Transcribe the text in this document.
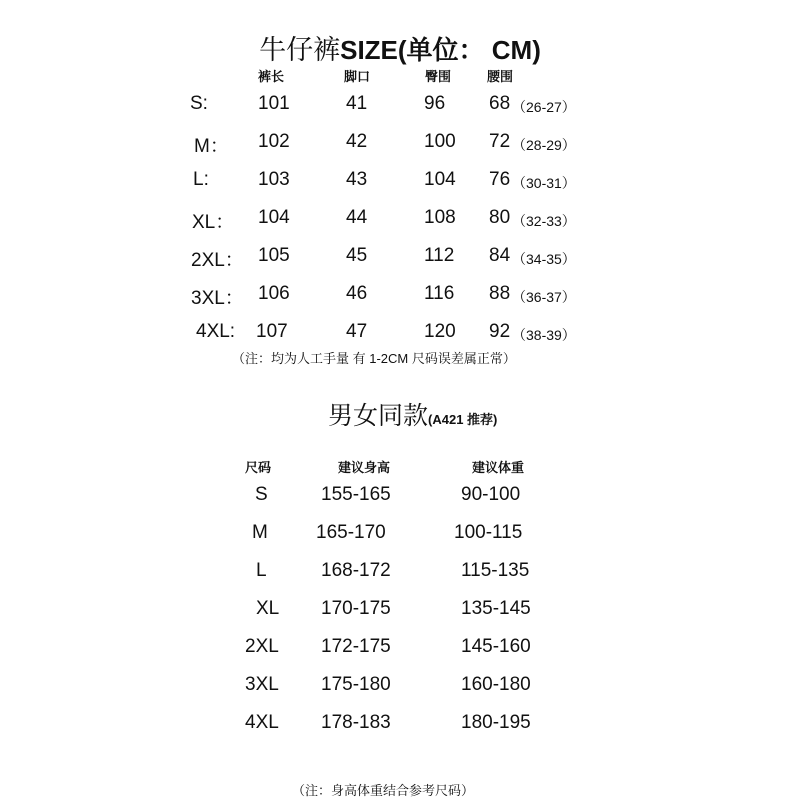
牛仔裤SIZE(单位： CM)
裤长	脚口	臀围	腰围
S:	101	41	96 68 （26-27）
M： 102	42	100 72 （28-29）
L:	103	43	104 76 （30-31）
XL： 104	44	108 80 （32-33）
2XL： 105	45	112 84 （34-35）
3XL： 106	46	116 88 （36-37）
4XL: 107	47	120 92 （38-39）
（注：均为人工手量 有 1-2CM 尺码误差属正常）
男女同款(A421 推荐)
尺码	建议身高	建议体重
S	155-165	90-100
M	165-170	100-115
L	168-172	115-135
XL 170-175	135-145
2XL 172-175	145-160
3XL 175-180	160-180
4XL 178-183	180-195
（注：身高体重结合参考尺码）
